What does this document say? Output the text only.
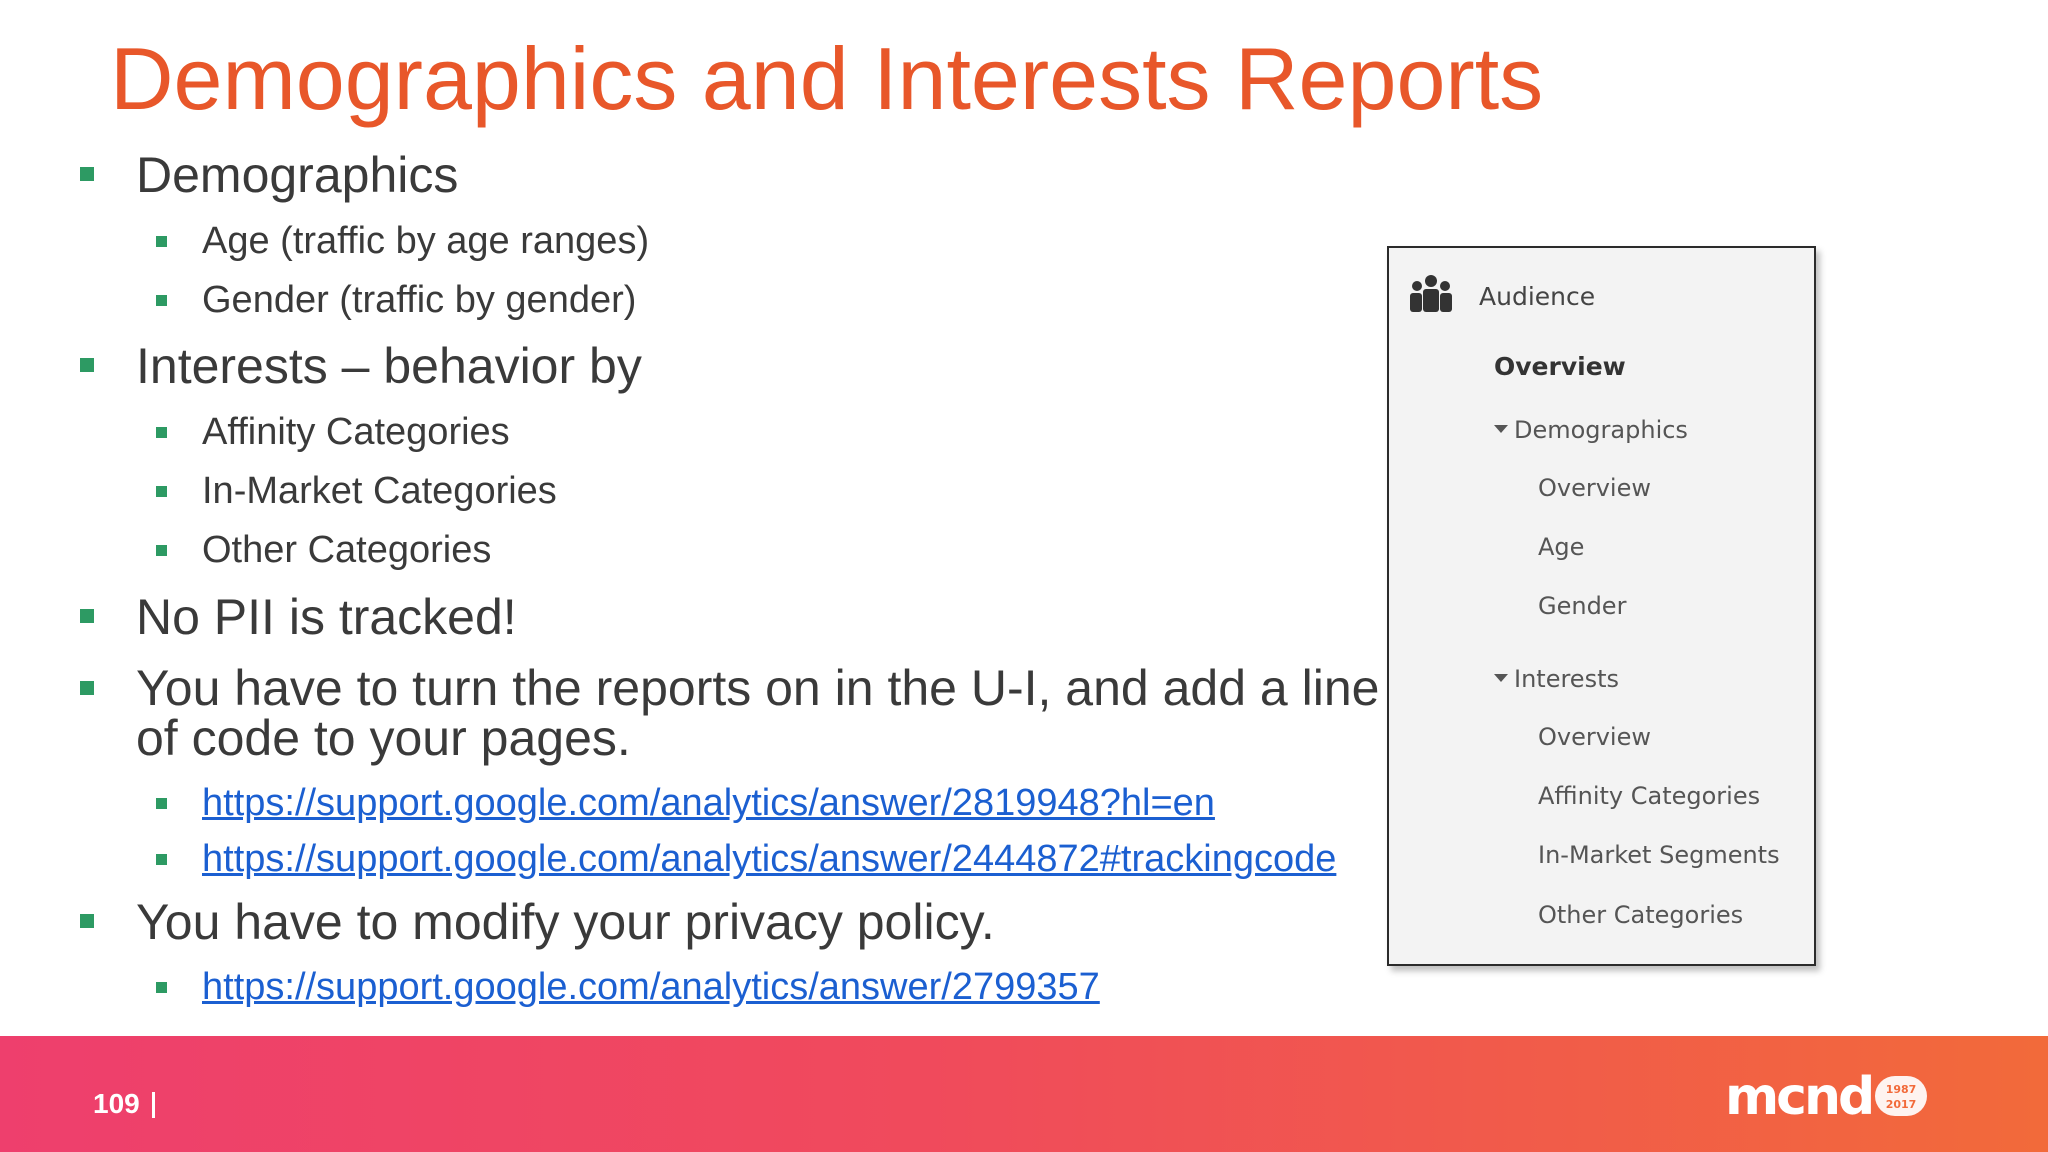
Demographics and Interests Reports
Demographics
Age (traffic by age ranges)
Gender (traffic by gender)
Interests – behavior by
Affinity Categories
In-Market Categories
Other Categories
No PII is tracked!
You have to turn the reports on in the U-I, and add a line of code to your pages.
https://support.google.com/analytics/answer/2819948?hl=en
https://support.google.com/analytics/answer/2444872#trackingcode
You have to modify your privacy policy.
https://support.google.com/analytics/answer/2799357
Audience
Overview
Demographics
Overview
Age
Gender
Interests
Overview
Affinity Categories
In-Market Segments
Other Categories
109	mcnd 1987
2017
